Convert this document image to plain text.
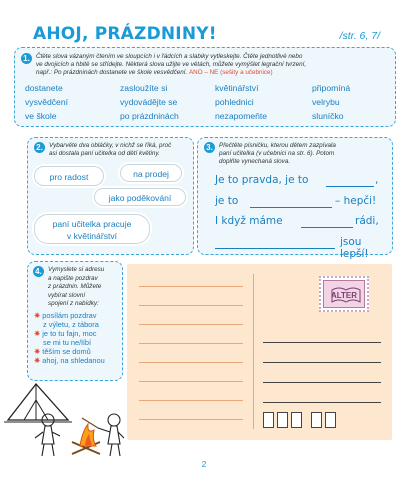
AHOJ, PRÁZDNINY!	/str. 6, 7/
1. Čtěte slova vázaným čtením ve sloupcích i v řádcích a slabiky vytleskejte. Čtěte jednotlivé nebo
ve dvojicích a hbitě se střídejte. Některá slova užijte ve větách, můžete vymýšlet legrační tvrzení,
např.: Po prázdninách dostanete ve škole vesvědčení. ANO – NE (sešity a učebnice)
dostanete	zasloužíte si	květinářství	připomíná
vysvědčení	vydovádějte se	pohlednici	velrybu
ve škole	po prázdninách	nezapomeňte	sluníčko
2. Vybarvěte dva obláčky, v nichž se říká, proč
asi dostala paní učitelka od dětí květiny.
pro radost	na prodej
jako poděkování
paní učitelka pracuje
v květinářství
3. Přečtěte písničku, kterou dětem zazpívala
paní učitelka (v učebnici na str. 6). Potom
doplňte vynechaná slova.
Je to pravda, je to	,
je to	– hepči!
I když máme	rádi,
jsou lepší!
4. Vymyslete si adresu
a napište pozdrav
z prázdnin. Můžete
vybírat slovní
spojení z nabídky:
✷ posílám pozdrav
z výletu, z tábora
✷ je to tu fajn, moc
se mi tu ne/líbí
✷ těším se domů
✷ ahoj, na shledanou
ALTER
2
